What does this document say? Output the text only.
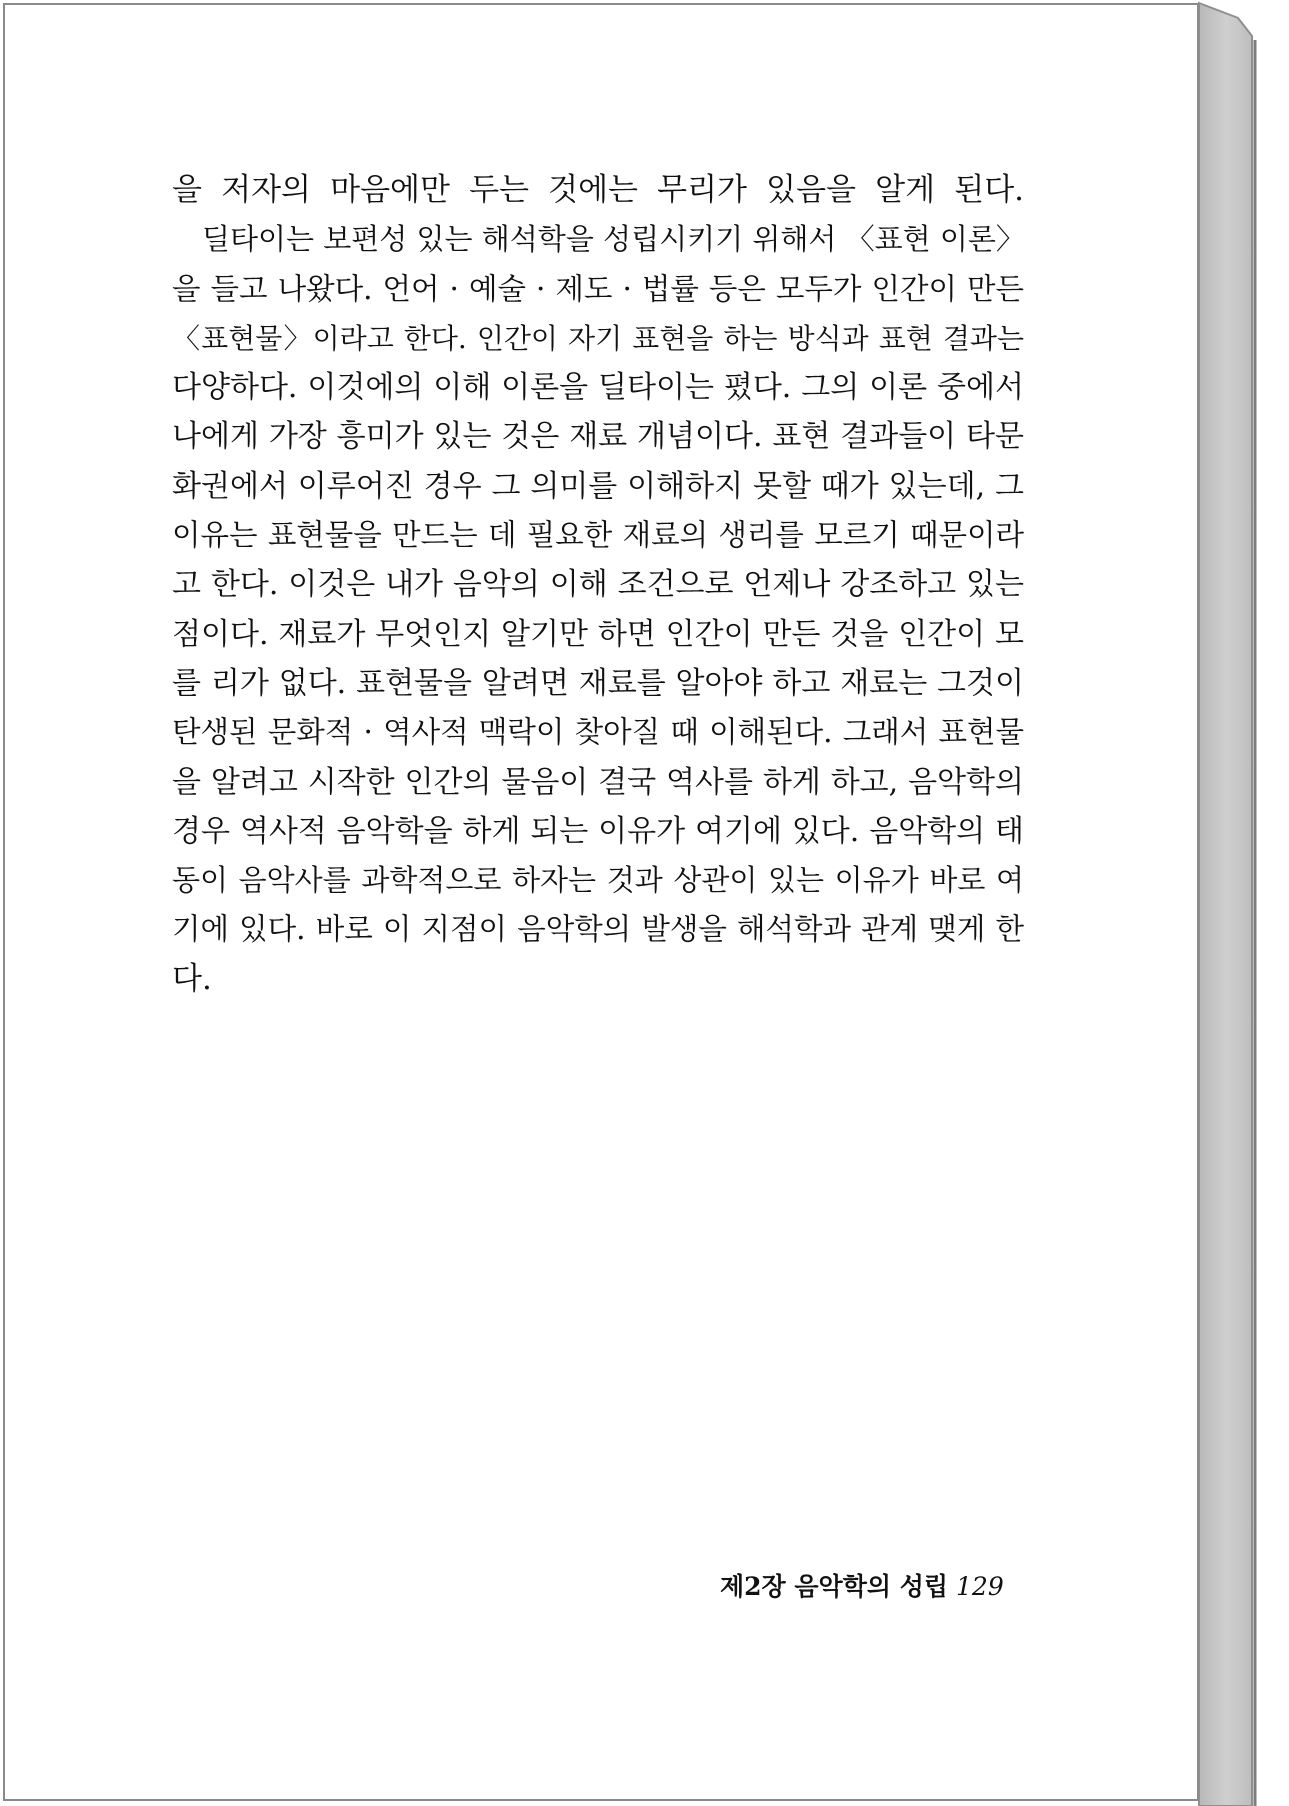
을 저자의 마음에만 두는 것에는 무리가 있음을 알게 된다.
딜타이는 보편성 있는 해석학을 성립시키기 위해서 〈표현 이론〉
을 들고 나왔다. 언어 · 예술 · 제도 · 법률 등은 모두가 인간이 만든
〈표현물〉이라고 한다. 인간이 자기 표현을 하는 방식과 표현 결과는
다양하다. 이것에의 이해 이론을 딜타이는 폈다. 그의 이론 중에서
나에게 가장 흥미가 있는 것은 재료 개념이다. 표현 결과들이 타문
화권에서 이루어진 경우 그 의미를 이해하지 못할 때가 있는데, 그
이유는 표현물을 만드는 데 필요한 재료의 생리를 모르기 때문이라
고 한다. 이것은 내가 음악의 이해 조건으로 언제나 강조하고 있는
점이다. 재료가 무엇인지 알기만 하면 인간이 만든 것을 인간이 모
를 리가 없다. 표현물을 알려면 재료를 알아야 하고 재료는 그것이
탄생된 문화적 · 역사적 맥락이 찾아질 때 이해된다. 그래서 표현물
을 알려고 시작한 인간의 물음이 결국 역사를 하게 하고, 음악학의
경우 역사적 음악학을 하게 되는 이유가 여기에 있다. 음악학의 태
동이 음악사를 과학적으로 하자는 것과 상관이 있는 이유가 바로 여
기에 있다. 바로 이 지점이 음악학의 발생을 해석학과 관계 맺게 한
다.
제2장 음악학의 성립 129
